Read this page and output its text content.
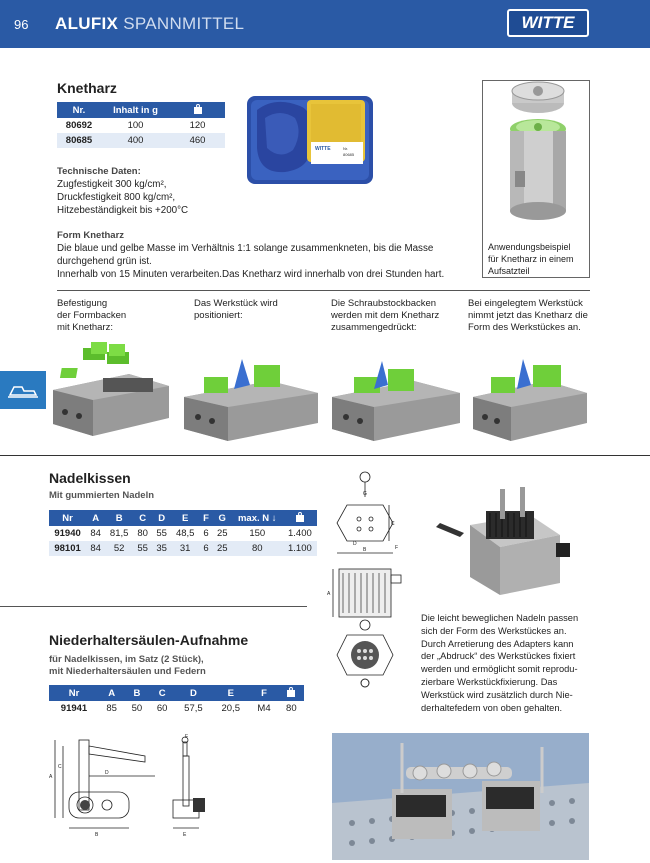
96 ALUFIX SPANNMITTEL	WITTE
Knetharz
Nr.	Inhalt in g	
80692	100	120
80685	400	460
Technische Daten:
Zugfestigkeit 300 kg/cm²,
Druckfestigkeit 800 kg/cm²,
Hitzebeständigkeit bis +200°C
Form Knetharz
Die blaue und gelbe Masse im Verhältnis 1:1 solange zusammenkneten, bis die Masse
durchgehend grün ist.
Innerhalb von 15 Minuten verarbeiten.Das Knetharz wird innerhalb von drei Stunden hart.
WITTE	Nr.
80685
Anwendungsbeispiel
für Knetharz in einem
Aufsatzteil
Befestigung
der Formbacken
mit Knetharz:
Das Werkstück wird
positioniert:
Die Schraubstockbacken
werden mit dem Knetharz
zusammengedrückt:
Bei eingelegtem Werkstück
nimmt jetzt das Knetharz die
Form des Werkstückes an.
Nadelkissen
Mit gummierten Nadeln
Nr	A	B	C	D	E	F	G	max. N ↓	
91940	84	81,5	80	55	48,5	6	25	150	1.400
98101	84	52	55	35	31	6	25	80	1.100
G
A
B
C
D
F
Die leicht beweglichen Nadeln passen
sich der Form des Werkstückes an.
Durch Arretierung des Adapters kann
der „Abdruck“ des Werkstückes fixiert
werden und ermöglicht somit reprodu-
zierbare Werkstückfixierung. Das
Werkstück wird zusätzlich durch Nie-
derhaltefedem von oben gehalten.
Niederhaltersäulen-Aufnahme
für Nadelkissen, im Satz (2 Stück),
mit Niederhaltersäulen und Federn
Nr	A	B	C	D	E	F	
91941	85	50	60	57,5	20,5	M4	80
A
C
D
B	E
F
